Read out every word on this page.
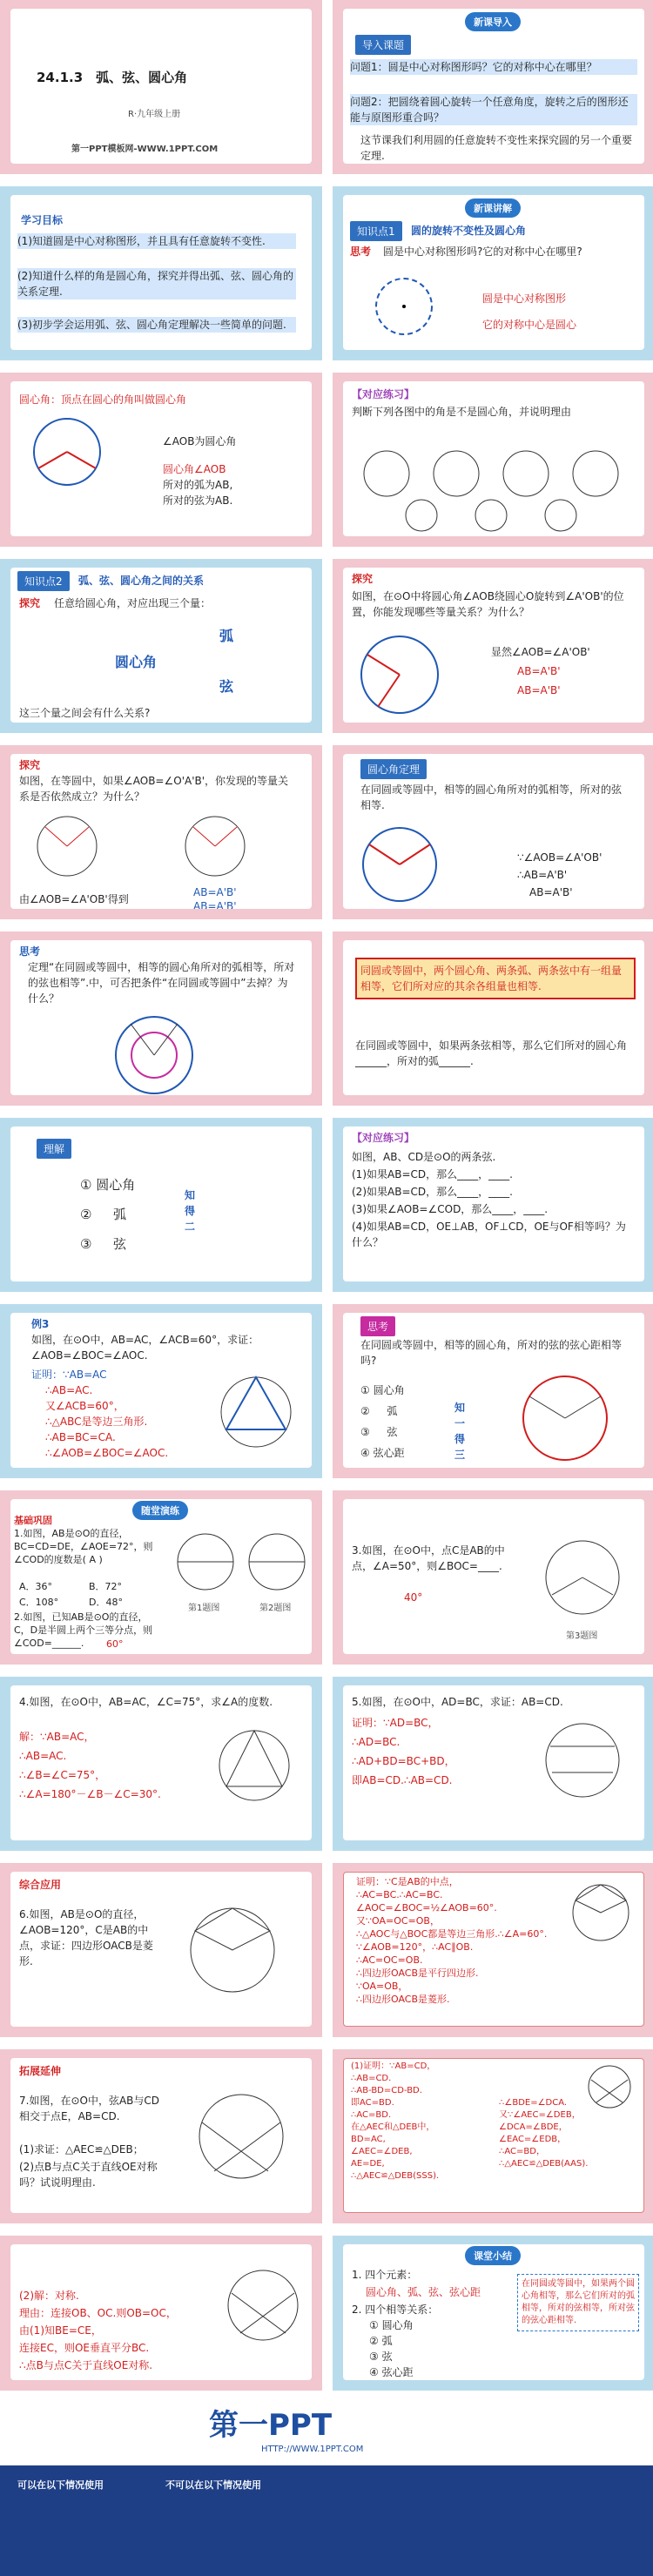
24.1.3　弧、弦、圆心角
R·九年级上册
第一PPT模板网-WWW.1PPT.COM
导入课题
新课导入
问题1：圆是中心对称图形吗？它的对称中心在哪里？
问题2：把圆绕着圆心旋转一个任意角度，旋转之后的图形还能与原图形重合吗？
这节课我们利用圆的任意旋转不变性来探究圆的另一个重要定理.
学习目标
(1)知道圆是中心对称图形，并且具有任意旋转不变性.
(2)知道什么样的角是圆心角，探究并得出弧、弦、圆心角的关系定理.
(3)初步学会运用弧、弦、圆心角定理解决一些简单的问题.
新课讲解
知识点1	圆的旋转不变性及圆心角
思考 圆是中心对称图形吗?它的对称中心在哪里?
圆是中心对称图形
它的对称中心是圆心
圆心角：顶点在圆心的角叫做圆心角
∠AOB为圆心角
圆心角∠AOB
所对的弧为AB,
所对的弦为AB.
【对应练习】
判断下列各图中的角是不是圆心角，并说明理由
知识点2	弧、弦、圆心角之间的关系
探究 任意给圆心角，对应出现三个量：
圆心角
弧
弦
这三个量之间会有什么关系?
探究
如图，在⊙O中将圆心角∠AOB绕圆心O旋转到∠A'OB'的位置，你能发现哪些等量关系？为什么？
显然∠AOB=∠A'OB'
AB=A'B'
AB=A'B'
探究
如图，在等圆中，如果∠AOB=∠O'A'B'，你发现的等量关系是否依然成立？为什么？
由∠AOB=∠A'OB'得到
AB=A'B'
AB=A'B'
圆心角定理
在同圆或等圆中，相等的圆心角所对的弧相等，所对的弦相等.
∵∠AOB=∠A'OB'
∴AB=A'B'
AB=A'B'
思考
定理“在同圆或等圆中，相等的圆心角所对的弧相等，所对的弦也相等”.中，可否把条件“在同圆或等圆中”去掉？为什么？
同圆或等圆中，两个圆心角、两条弧、两条弦中有一组量相等，它们所对应的其余各组量也相等.
在同圆或等圆中，如果两条弦相等，那么它们所对的圆心角______，所对的弧______.
理解
① 圆心角
② 　 弧
③ 　 弦
知得二
【对应练习】
如图，AB、CD是⊙O的两条弦.
(1)如果AB=CD，那么____，____.
(2)如果AB=CD，那么____，____.
(3)如果∠AOB=∠COD，那么____，____.
(4)如果AB=CD，OE⊥AB，OF⊥CD，OE与OF相等吗？为什么？
例3
如图，在⊙O中，AB=AC，∠ACB=60°，求证：∠AOB=∠BOC=∠AOC.
证明：∵AB=AC
∴AB=AC.
又∠ACB=60°，
∴△ABC是等边三角形.
∴AB=BC=CA.
∴∠AOB=∠BOC=∠AOC.
思考
在同圆或等圆中，相等的圆心角，所对的弦的弦心距相等吗?
① 圆心角
② 　 弧
③ 　 弦
④ 弦心距
知一得三
随堂演练
基础巩固
1.如图，AB是⊙O的直径，BC=CD=DE，∠AOE=72°，则∠COD的度数是( A )
A．36°	B．72°
C．108°	D．48°
2.如图，已知AB是⊙O的直径，C，D是半圆上两个三等分点，则∠COD=______.	60°
第1题图	第2题图
3.如图，在⊙O中，点C是AB的中点，∠A=50°，则∠BOC=____.
40°
第3题图
4.如图，在⊙O中，AB=AC，∠C=75°，求∠A的度数.
解：∵AB=AC，
∴AB=AC.
∴∠B=∠C=75°，
∴∠A=180°－∠B－∠C=30°.
5.如图，在⊙O中，AD=BC，求证：AB=CD.
证明：∵AD=BC，
∴AD=BC.
∴AD+BD=BC+BD，
即AB=CD.∴AB=CD.
综合应用
6.如图，AB是⊙O的直径，∠AOB=120°，C是AB的中点，求证：四边形OACB是菱形.
证明：∵C是AB的中点，
∴AC=BC.∴AC=BC.
∠AOC=∠BOC=½∠AOB=60°.
又∵OA=OC=OB，
∴△AOC与△BOC都是等边三角形.∴∠A=60°.
∵∠AOB=120°，∴AC∥OB.
∴AC=OC=OB.
∴四边形OACB是平行四边形.
∵OA=OB，
∴四边形OACB是菱形.
拓展延伸
7.如图，在⊙O中，弦AB与CD相交于点E，AB=CD.
(1)求证：△AEC≌△DEB；
(2)点B与点C关于直线OE对称吗？试说明理由.
(1)证明：∵AB=CD，
∴AB=CD.
∴AB-BD=CD-BD.
即AC=BD.
∴AC=BD.
在△AEC和△DEB中，
BD=AC,
∠AEC=∠DEB,
AE=DE,
∴△AEC≌△DEB(SSS).
∴∠BDE=∠DCA.
又∵∠AEC=∠DEB，
∠DCA=∠BDE，
∠EAC=∠EDB，
∴AC=BD，
∴△AEC≌△DEB(AAS).
(2)解：对称.
理由：连接OB、OC.则OB=OC，
由(1)知BE=CE，
连接EC，则OE垂直平分BC.
∴点B与点C关于直线OE对称.
课堂小结
1. 四个元素：
圆心角、弧、弦、弦心距
2. 四个相等关系：
① 圆心角
② 弧
③ 弦
④ 弦心距
在同圆或等圆中，如果两个圆心角相等，那么它们所对的弧相等，所对的弦相等，所对弦的弦心距相等.
第一PPT
HTTP://WWW.1PPT.COM
可以在以下情况使用	不可以在以下情况使用
